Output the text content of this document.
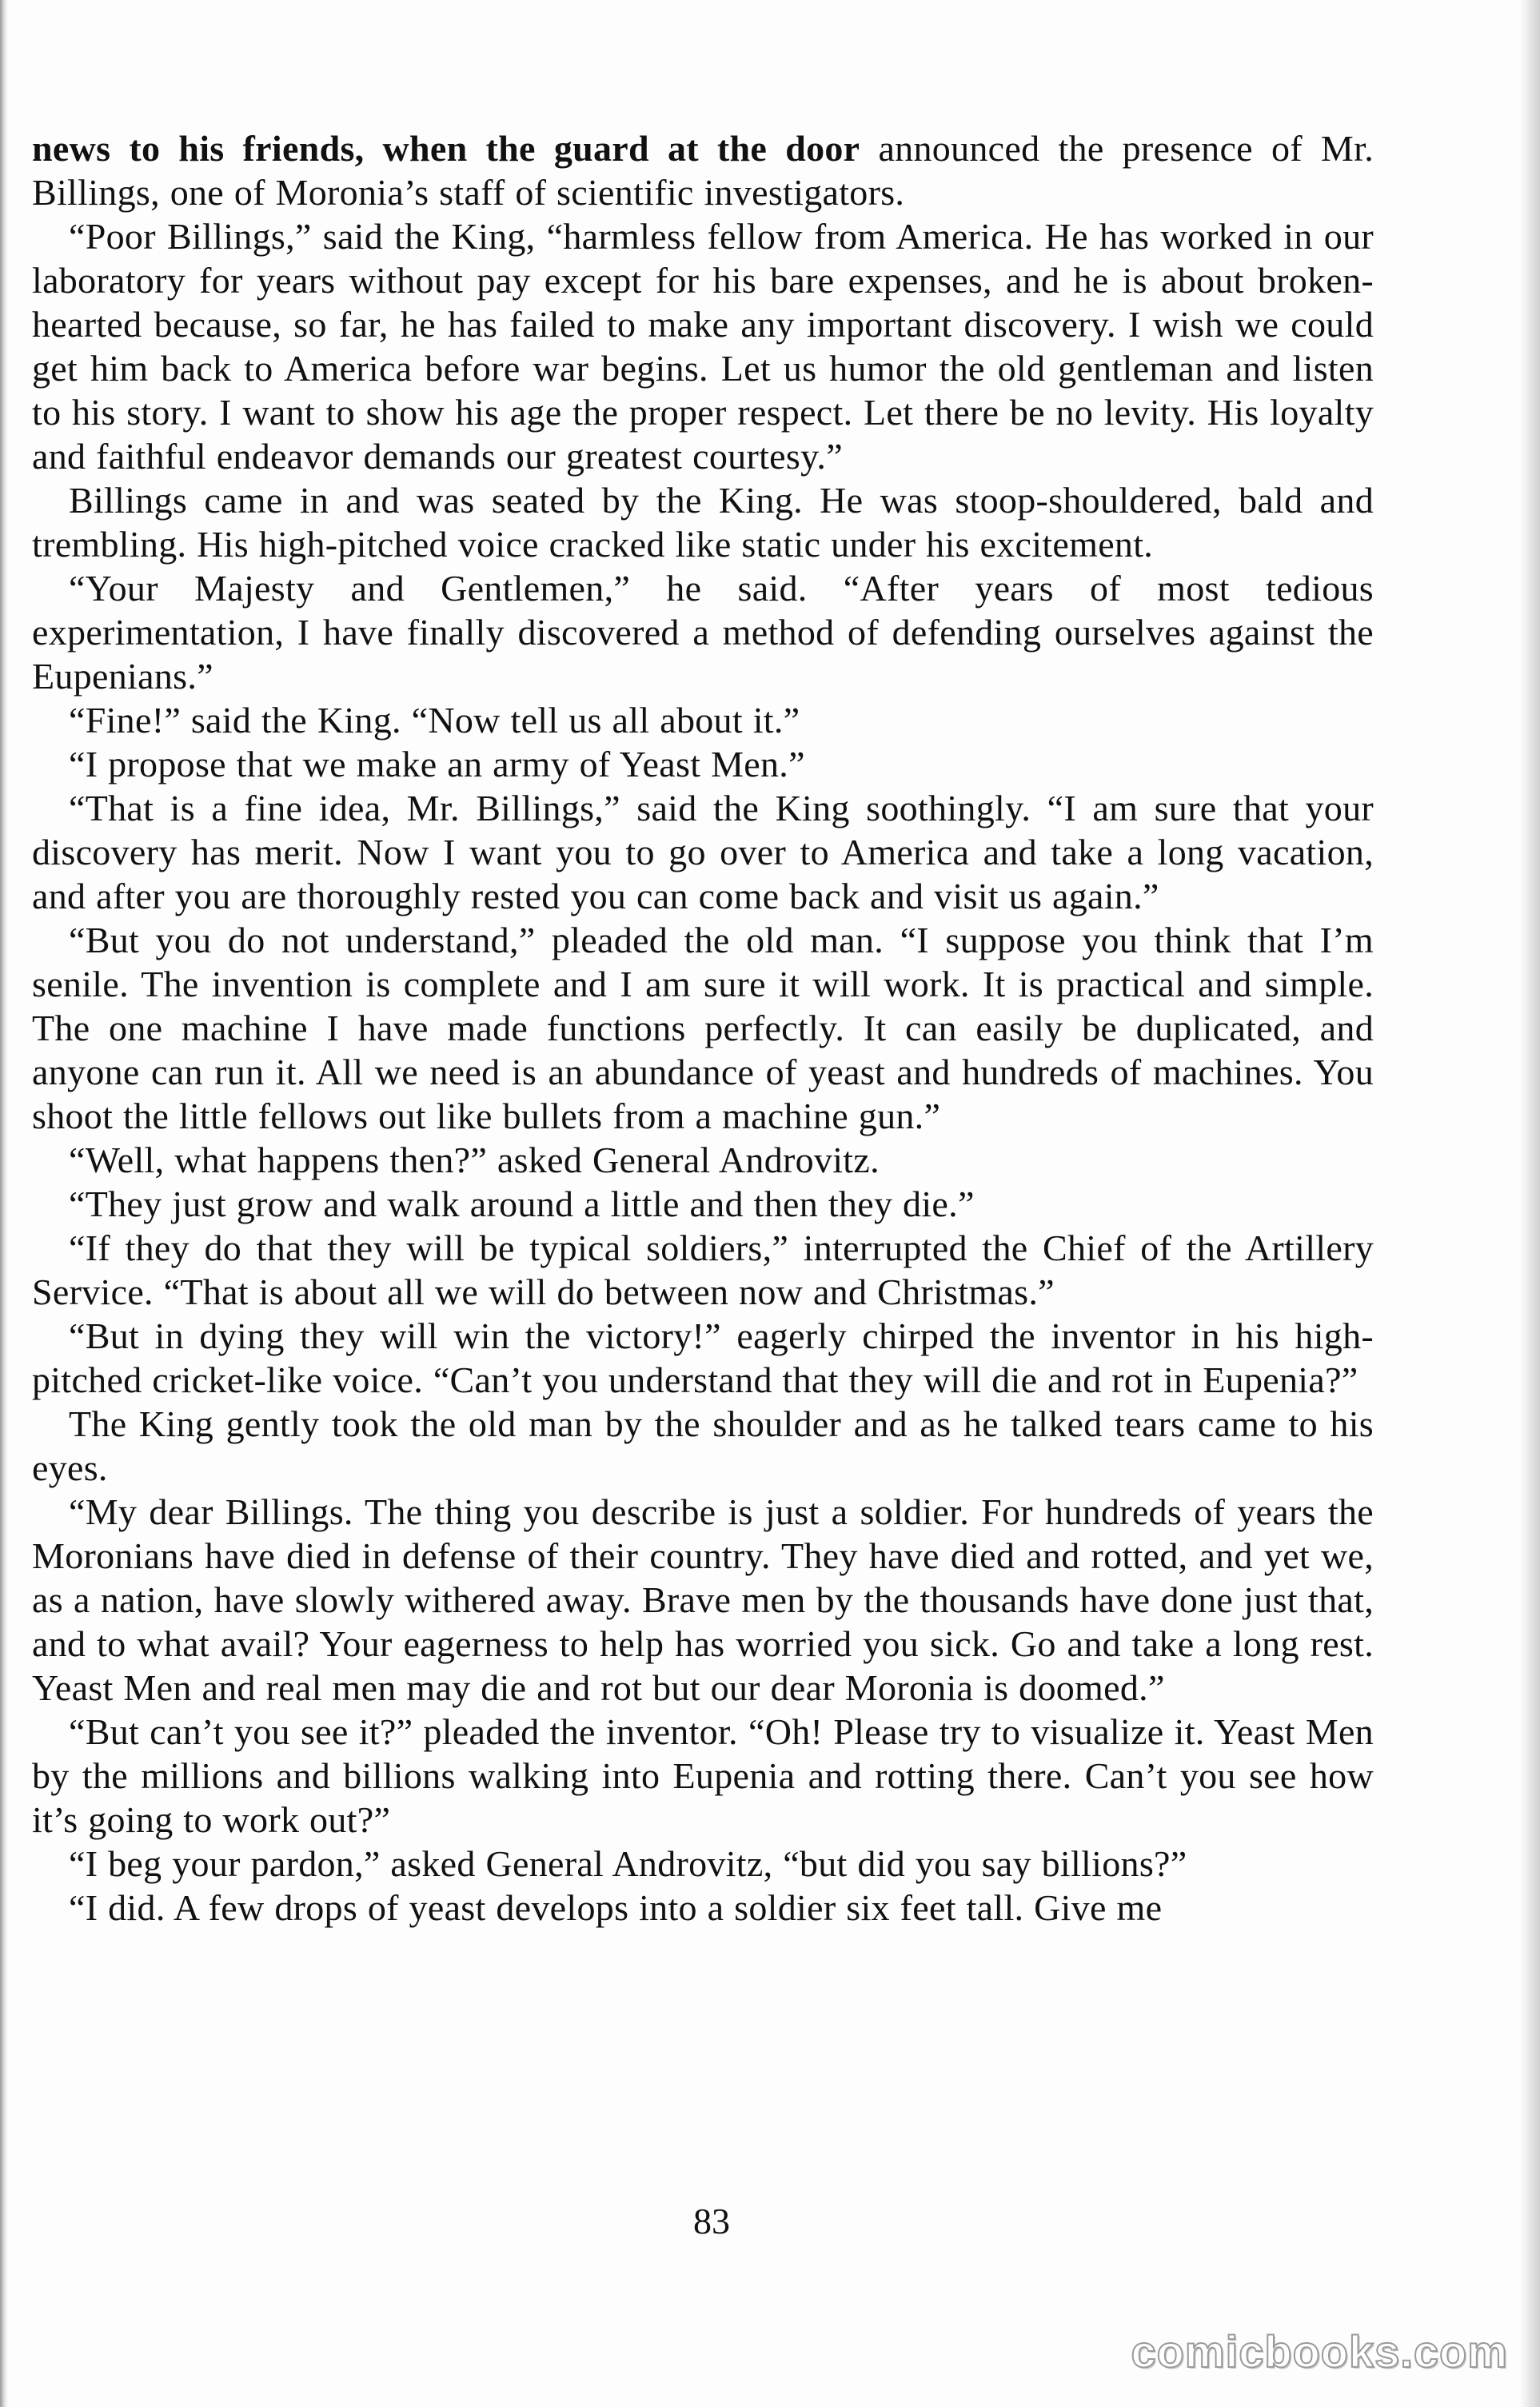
news to his friends, when the guard at the door announced the presence of Mr. Billings, one of Moronia’s staff of scientific investigators.

“Poor Billings,” said the King, “harmless fellow from America. He has worked in our laboratory for years without pay except for his bare expenses, and he is about broken-hearted because, so far, he has failed to make any important discovery. I wish we could get him back to America before war begins. Let us humor the old gentleman and listen to his story. I want to show his age the proper respect. Let there be no levity. His loyalty and faithful endeavor demands our greatest courtesy.”

Billings came in and was seated by the King. He was stoop-shouldered, bald and trembling. His high-pitched voice cracked like static under his excitement.

“Your Majesty and Gentlemen,” he said. “After years of most tedious experimentation, I have finally discovered a method of defending ourselves against the Eupenians.”

“Fine!” said the King. “Now tell us all about it.”

“I propose that we make an army of Yeast Men.”

“That is a fine idea, Mr. Billings,” said the King soothingly. “I am sure that your discovery has merit. Now I want you to go over to America and take a long vacation, and after you are thoroughly rested you can come back and visit us again.”

“But you do not understand,” pleaded the old man. “I suppose you think that I’m senile. The invention is complete and I am sure it will work. It is practical and simple. The one machine I have made functions perfectly. It can easily be duplicated, and anyone can run it. All we need is an abundance of yeast and hundreds of machines. You shoot the little fellows out like bullets from a machine gun.”

“Well, what happens then?” asked General Androvitz.

“They just grow and walk around a little and then they die.”

“If they do that they will be typical soldiers,” interrupted the Chief of the Artillery Service. “That is about all we will do between now and Christmas.”

“But in dying they will win the victory!” eagerly chirped the inventor in his high-pitched cricket-like voice. “Can’t you understand that they will die and rot in Eupenia?”

The King gently took the old man by the shoulder and as he talked tears came to his eyes.

“My dear Billings. The thing you describe is just a soldier. For hundreds of years the Moronians have died in defense of their country. They have died and rotted, and yet we, as a nation, have slowly withered away. Brave men by the thousands have done just that, and to what avail? Your eagerness to help has worried you sick. Go and take a long rest. Yeast Men and real men may die and rot but our dear Moronia is doomed.”

“But can’t you see it?” pleaded the inventor. “Oh! Please try to visualize it. Yeast Men by the millions and billions walking into Eupenia and rotting there. Can’t you see how it’s going to work out?”

“I beg your pardon,” asked General Androvitz, “but did you say billions?”

“I did. A few drops of yeast develops into a soldier six feet tall. Give me

83
comicbooks.com
